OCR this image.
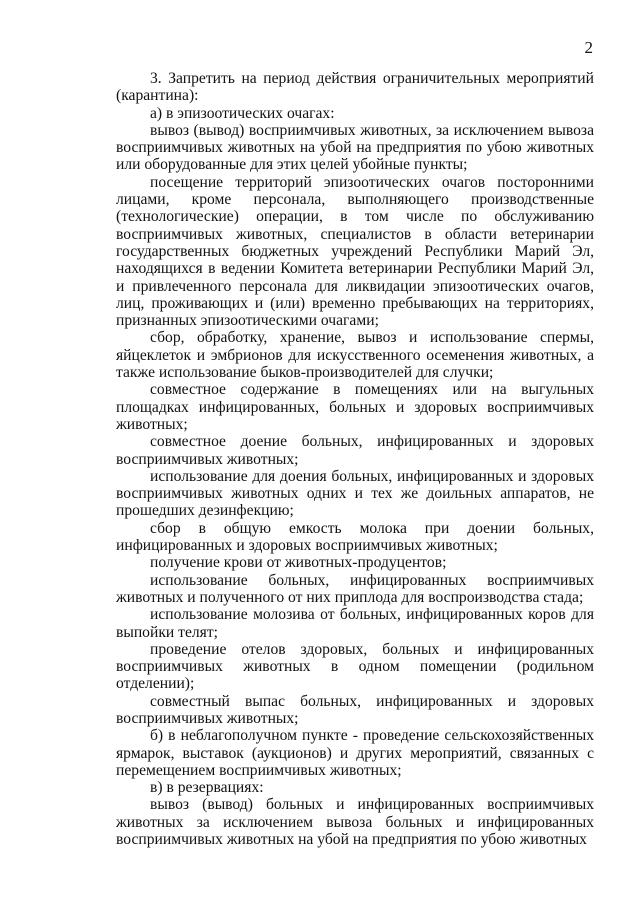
2

3. Запретить на период действия ограничительных мероприятий (карантина):

а) в эпизоотических очагах:

вывоз (вывод) восприимчивых животных, за исключением вывоза восприимчивых животных на убой на предприятия по убою животных или оборудованные для этих целей убойные пункты;

посещение территорий эпизоотических очагов посторонними лицами, кроме персонала, выполняющего производственные (технологические) операции, в том числе по обслуживанию восприимчивых животных, специалистов в области ветеринарии государственных бюджетных учреждений Республики Марий Эл, находящихся в ведении Комитета ветеринарии Республики Марий Эл, и привлеченного персонала для ликвидации эпизоотических очагов, лиц, проживающих и (или) временно пребывающих на территориях, признанных эпизоотическими очагами;

сбор, обработку, хранение, вывоз и использование спермы, яйцеклеток и эмбрионов для искусственного осеменения животных, а также использование быков-производителей для случки;

совместное содержание в помещениях или на выгульных площадках инфицированных, больных и здоровых восприимчивых животных;

совместное доение больных, инфицированных и здоровых восприимчивых животных;

использование для доения больных, инфицированных и здоровых восприимчивых животных одних и тех же доильных аппаратов, не прошедших дезинфекцию;

сбор в общую емкость молока при доении больных, инфицированных и здоровых восприимчивых животных;

получение крови от животных-продуцентов;

использование больных, инфицированных восприимчивых животных и полученного от них приплода для воспроизводства стада;

использование молозива от больных, инфицированных коров для выпойки телят;

проведение отелов здоровых, больных и инфицированных восприимчивых животных в одном помещении (родильном отделении);

совместный выпас больных, инфицированных и здоровых восприимчивых животных;

б) в неблагополучном пункте - проведение сельскохозяйственных ярмарок, выставок (аукционов) и других мероприятий, связанных с перемещением восприимчивых животных;

в) в резервациях:

вывоз (вывод) больных и инфицированных восприимчивых животных за исключением вывоза больных и инфицированных восприимчивых животных на убой на предприятия по убою животных
